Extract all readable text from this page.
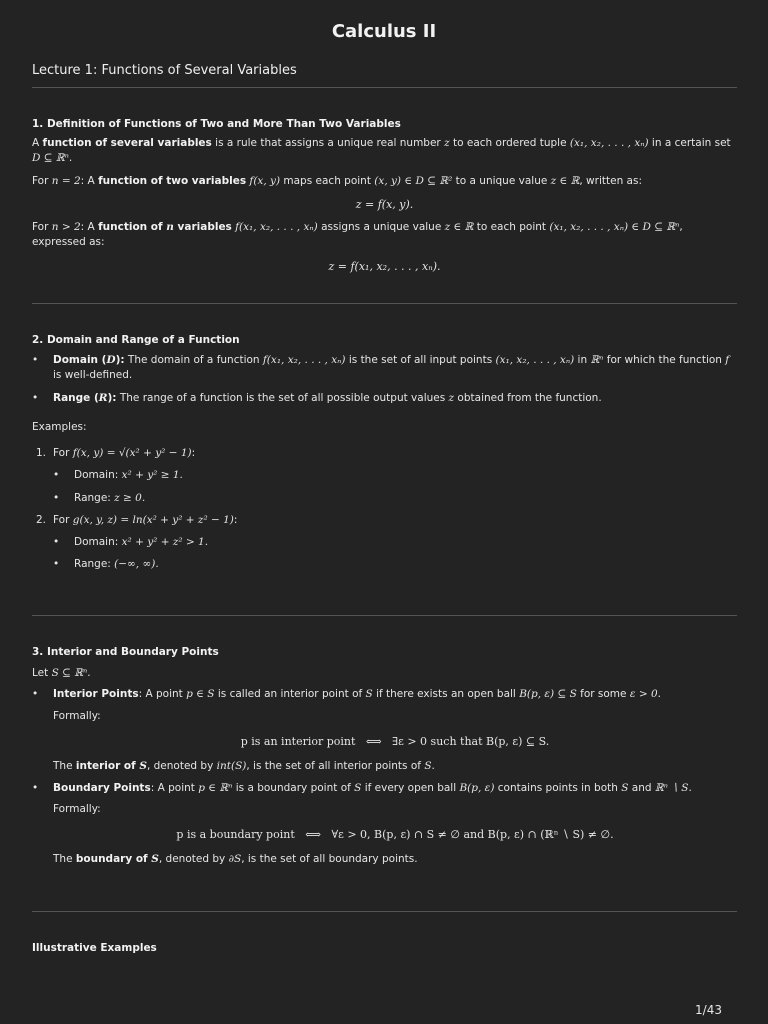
Calculus II
Lecture 1: Functions of Several Variables
1. Definition of Functions of Two and More Than Two Variables
A function of several variables is a rule that assigns a unique real number z to each ordered tuple (x₁, x₂, . . . , xₙ) in a certain set D ⊆ ℝⁿ.
For n = 2: A function of two variables f(x, y) maps each point (x, y) ∈ D ⊆ ℝ² to a unique value z ∈ ℝ, written as:
z = f(x, y).
For n > 2: A function of n variables f(x₁, x₂, . . . , xₙ) assigns a unique value z ∈ ℝ to each point (x₁, x₂, . . . , xₙ) ∈ D ⊆ ℝⁿ, expressed as:
z = f(x₁, x₂, . . . , xₙ).
2. Domain and Range of a Function
• Domain (D): The domain of a function f(x₁, x₂, . . . , xₙ) is the set of all input points (x₁, x₂, . . . , xₙ) in ℝⁿ for which the function f is well-defined.
• Range (R): The range of a function is the set of all possible output values z obtained from the function.
Examples:
1. For f(x, y) = √(x² + y² − 1):
• Domain: x² + y² ≥ 1.
• Range: z ≥ 0.
2. For g(x, y, z) = ln(x² + y² + z² − 1):
• Domain: x² + y² + z² > 1.
• Range: (−∞, ∞).
3. Interior and Boundary Points
Let S ⊆ ℝⁿ.
• Interior Points: A point p ∈ S is called an interior point of S if there exists an open ball B(p, ε) ⊆ S for some ε > 0.
Formally:
p is an interior point   ⟺   ∃ε > 0 such that B(p, ε) ⊆ S.
The interior of S, denoted by int(S), is the set of all interior points of S.
• Boundary Points: A point p ∈ ℝⁿ is a boundary point of S if every open ball B(p, ε) contains points in both S and ℝⁿ ∖ S.
Formally:
p is a boundary point   ⟺   ∀ε > 0, B(p, ε) ∩ S ≠ ∅ and B(p, ε) ∩ (ℝⁿ ∖ S) ≠ ∅.
The boundary of S, denoted by ∂S, is the set of all boundary points.
Illustrative Examples
1/43
